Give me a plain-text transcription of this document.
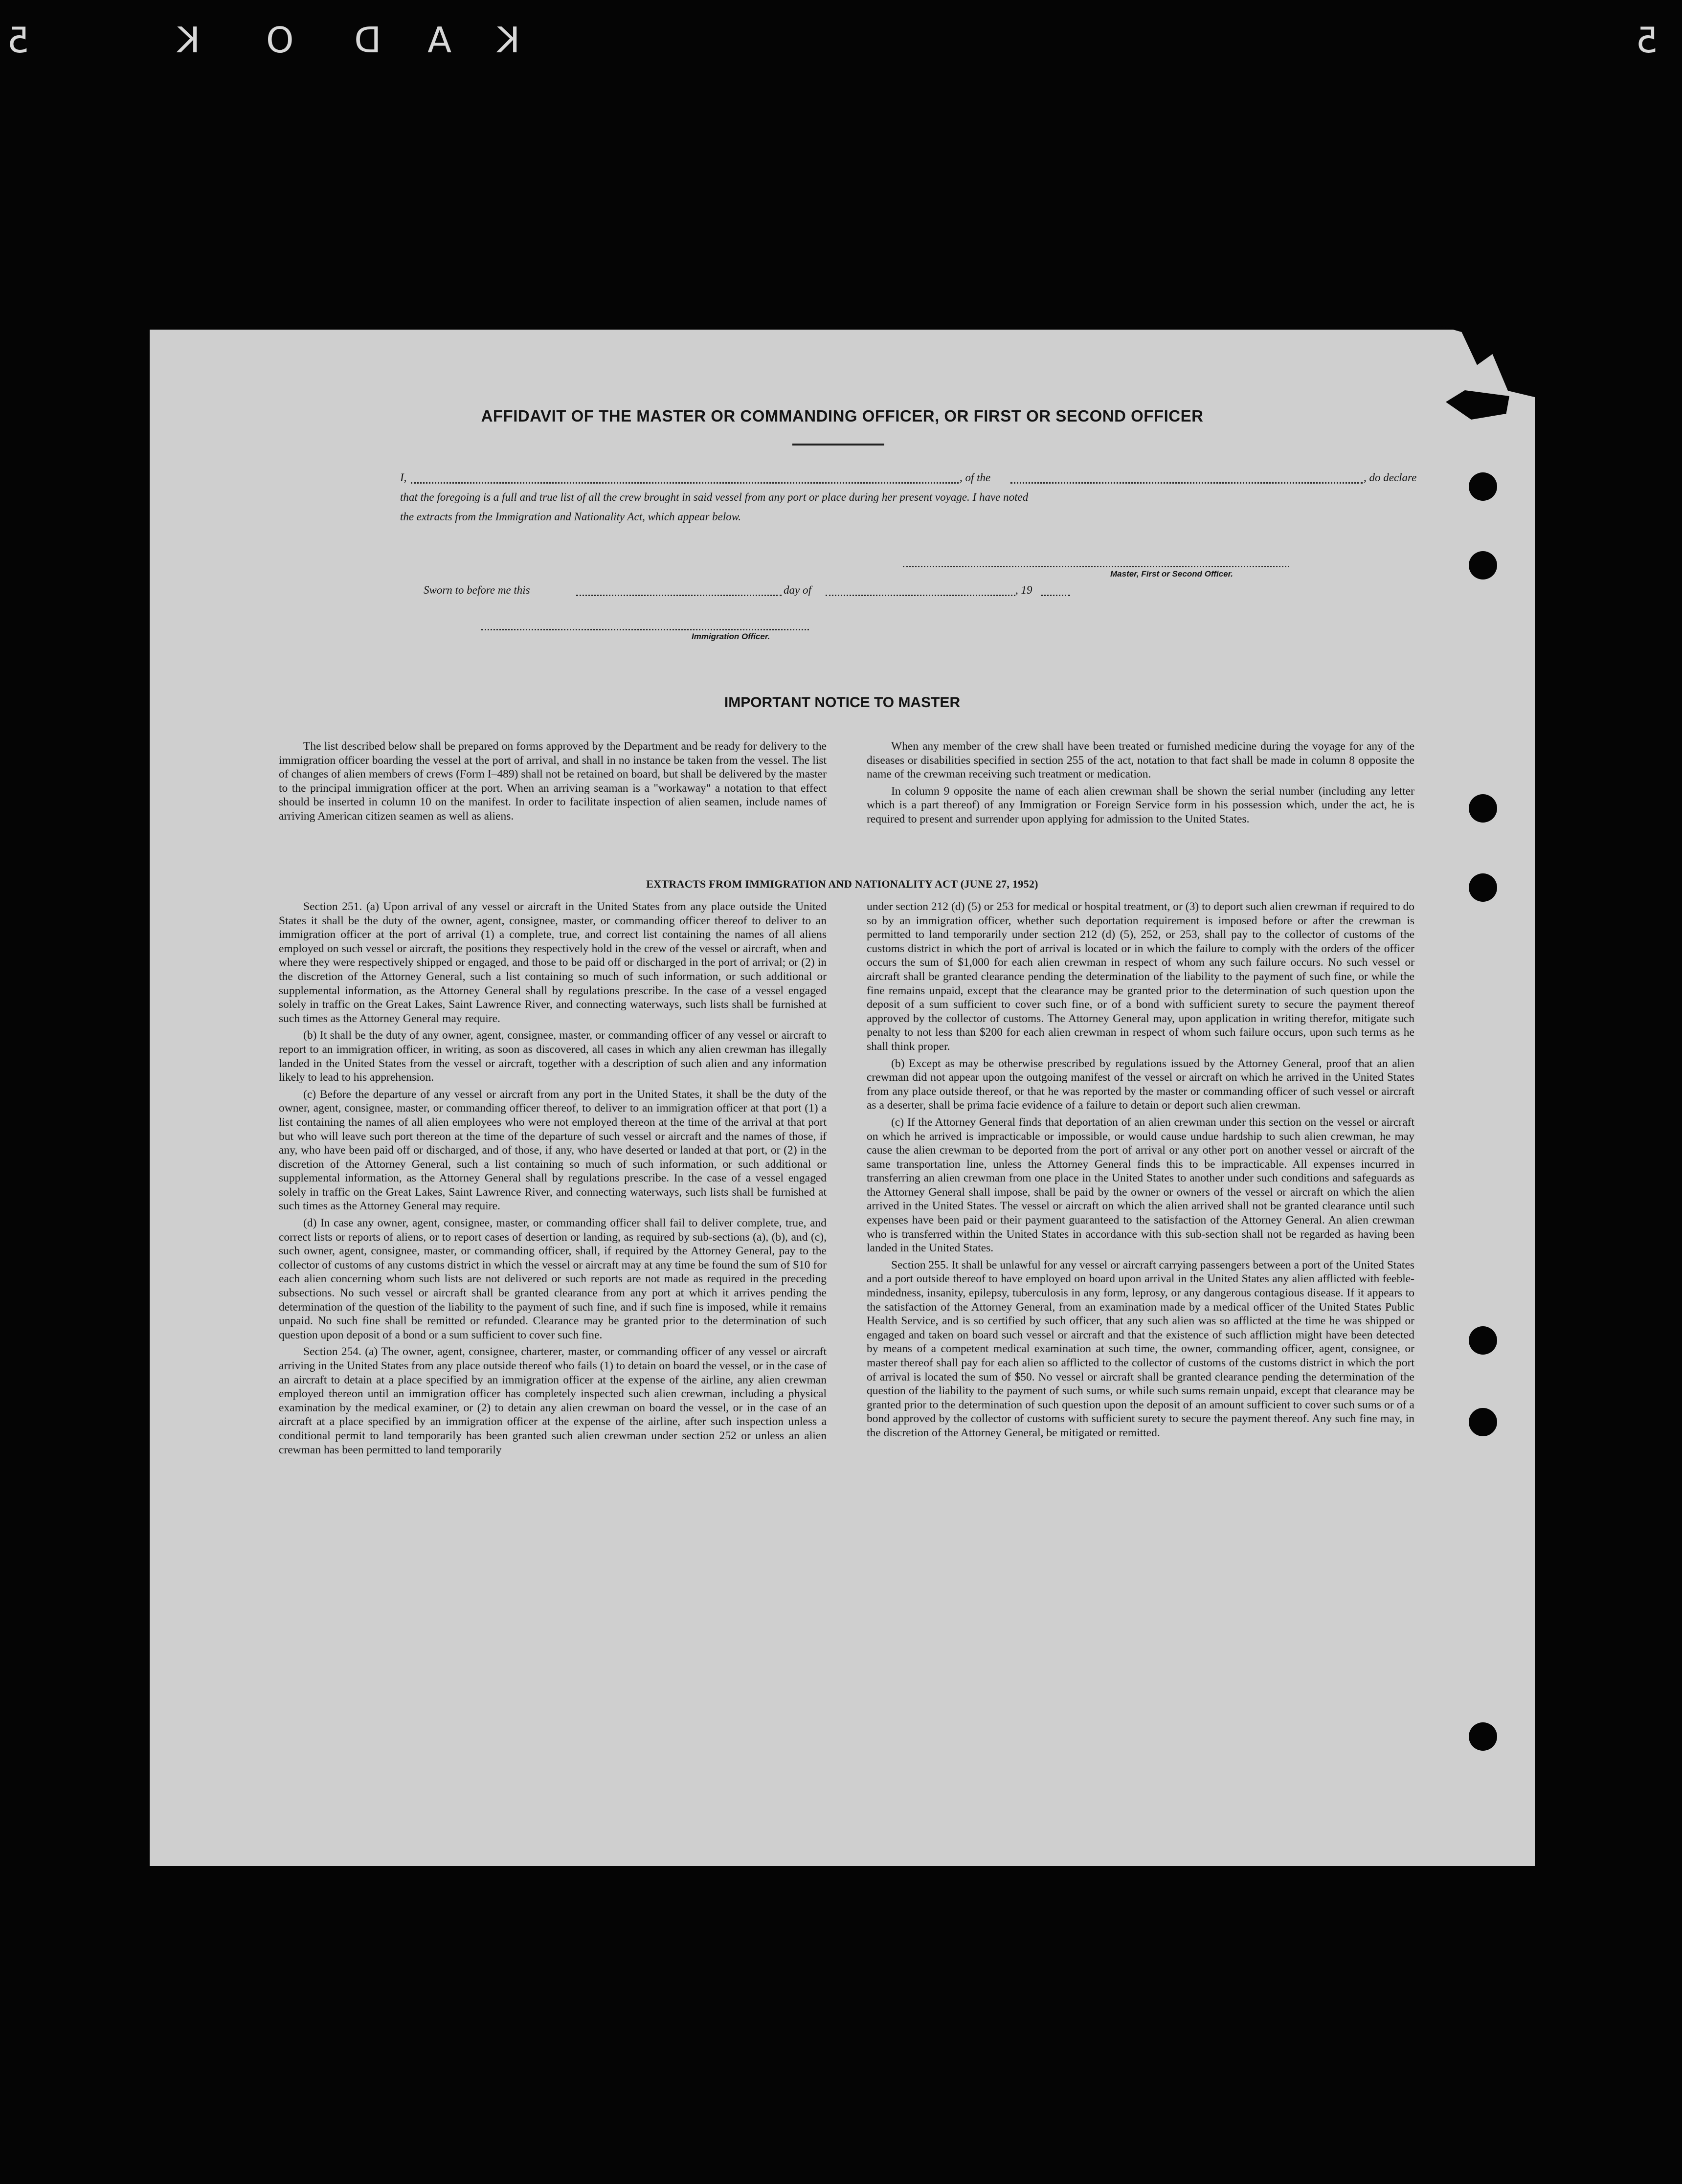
5	K O D A K	5
AFFIDAVIT OF THE MASTER OR COMMANDING OFFICER, OR FIRST OR SECOND OFFICER
I,	, of the	, do declare
that the foregoing is a full and true list of all the crew brought in said vessel from any port or place during her present voyage. I have noted
the extracts from the Immigration and Nationality Act, which appear below.
Master, First or Second Officer.
Sworn to before me this	day of	, 19
Immigration Officer.
IMPORTANT NOTICE TO MASTER

The list described below shall be prepared on forms approved by the Department and be ready for delivery to the immigration officer boarding the vessel at the port of arrival, and shall in no instance be taken from the vessel. The list of changes of alien members of crews (Form I–489) shall not be retained on board, but shall be delivered by the master to the principal immigration officer at the port. When an arriving seaman is a "workaway" a notation to that effect should be inserted in column 10 on the manifest. In order to facilitate inspection of alien seamen, include names of arriving American citizen seamen as well as aliens.

When any member of the crew shall have been treated or furnished medicine during the voyage for any of the diseases or disabilities specified in section 255 of the act, notation to that fact shall be made in column 8 opposite the name of the crewman receiving such treatment or medication.

In column 9 opposite the name of each alien crewman shall be shown the serial number (including any letter which is a part thereof) of any Immigration or Foreign Service form in his possession which, under the act, he is required to present and surrender upon applying for admission to the United States.

EXTRACTS FROM IMMIGRATION AND NATIONALITY ACT (JUNE 27, 1952)

Section 251. (a) Upon arrival of any vessel or aircraft in the United States from any place outside the United States it shall be the duty of the owner, agent, consignee, master, or commanding officer thereof to deliver to an immigration officer at the port of arrival (1) a complete, true, and correct list containing the names of all aliens employed on such vessel or aircraft, the positions they respectively hold in the crew of the vessel or aircraft, when and where they were respectively shipped or engaged, and those to be paid off or discharged in the port of arrival; or (2) in the discretion of the Attorney General, such a list containing so much of such information, or such additional or supplemental information, as the Attorney General shall by regulations prescribe. In the case of a vessel engaged solely in traffic on the Great Lakes, Saint Lawrence River, and connecting waterways, such lists shall be furnished at such times as the Attorney General may require.

(b) It shall be the duty of any owner, agent, consignee, master, or commanding officer of any vessel or aircraft to report to an immigration officer, in writing, as soon as discovered, all cases in which any alien crewman has illegally landed in the United States from the vessel or aircraft, together with a description of such alien and any information likely to lead to his apprehension.

(c) Before the departure of any vessel or aircraft from any port in the United States, it shall be the duty of the owner, agent, consignee, master, or commanding officer thereof, to deliver to an immigration officer at that port (1) a list containing the names of all alien employees who were not employed thereon at the time of the arrival at that port but who will leave such port thereon at the time of the departure of such vessel or aircraft and the names of those, if any, who have been paid off or discharged, and of those, if any, who have deserted or landed at that port, or (2) in the discretion of the Attorney General, such a list containing so much of such information, or such additional or supplemental information, as the Attorney General shall by regulations prescribe. In the case of a vessel engaged solely in traffic on the Great Lakes, Saint Lawrence River, and connecting waterways, such lists shall be furnished at such times as the Attorney General may require.

(d) In case any owner, agent, consignee, master, or commanding officer shall fail to deliver complete, true, and correct lists or reports of aliens, or to report cases of desertion or landing, as required by sub-sections (a), (b), and (c), such owner, agent, consignee, master, or commanding officer, shall, if required by the Attorney General, pay to the collector of customs of any customs district in which the vessel or aircraft may at any time be found the sum of $10 for each alien concerning whom such lists are not delivered or such reports are not made as required in the preceding subsections. No such vessel or aircraft shall be granted clearance from any port at which it arrives pending the determination of the question of the liability to the payment of such fine, and if such fine is imposed, while it remains unpaid. No such fine shall be remitted or refunded. Clearance may be granted prior to the determination of such question upon deposit of a bond or a sum sufficient to cover such fine.

Section 254. (a) The owner, agent, consignee, charterer, master, or commanding officer of any vessel or aircraft arriving in the United States from any place outside thereof who fails (1) to detain on board the vessel, or in the case of an aircraft to detain at a place specified by an immigration officer at the expense of the airline, any alien crewman employed thereon until an immigration officer has completely inspected such alien crewman, including a physical examination by the medical examiner, or (2) to detain any alien crewman on board the vessel, or in the case of an aircraft at a place specified by an immigration officer at the expense of the airline, after such inspection unless a conditional permit to land temporarily has been granted such alien crewman under section 252 or unless an alien crewman has been permitted to land temporarily

under section 212 (d) (5) or 253 for medical or hospital treatment, or (3) to deport such alien crewman if required to do so by an immigration officer, whether such deportation requirement is imposed before or after the crewman is permitted to land temporarily under section 212 (d) (5), 252, or 253, shall pay to the collector of customs of the customs district in which the port of arrival is located or in which the failure to comply with the orders of the officer occurs the sum of $1,000 for each alien crewman in respect of whom any such failure occurs. No such vessel or aircraft shall be granted clearance pending the determination of the liability to the payment of such fine, or while the fine remains unpaid, except that the clearance may be granted prior to the determination of such question upon the deposit of a sum sufficient to cover such fine, or of a bond with sufficient surety to secure the payment thereof approved by the collector of customs. The Attorney General may, upon application in writing therefor, mitigate such penalty to not less than $200 for each alien crewman in respect of whom such failure occurs, upon such terms as he shall think proper.

(b) Except as may be otherwise prescribed by regulations issued by the Attorney General, proof that an alien crewman did not appear upon the outgoing manifest of the vessel or aircraft on which he arrived in the United States from any place outside thereof, or that he was reported by the master or commanding officer of such vessel or aircraft as a deserter, shall be prima facie evidence of a failure to detain or deport such alien crewman.

(c) If the Attorney General finds that deportation of an alien crewman under this section on the vessel or aircraft on which he arrived is impracticable or impossible, or would cause undue hardship to such alien crewman, he may cause the alien crewman to be deported from the port of arrival or any other port on another vessel or aircraft of the same transportation line, unless the Attorney General finds this to be impracticable. All expenses incurred in transferring an alien crewman from one place in the United States to another under such conditions and safeguards as the Attorney General shall impose, shall be paid by the owner or owners of the vessel or aircraft on which the alien arrived in the United States. The vessel or aircraft on which the alien arrived shall not be granted clearance until such expenses have been paid or their payment guaranteed to the satisfaction of the Attorney General. An alien crewman who is transferred within the United States in accordance with this sub-section shall not be regarded as having been landed in the United States.

Section 255. It shall be unlawful for any vessel or aircraft carrying passengers between a port of the United States and a port outside thereof to have employed on board upon arrival in the United States any alien afflicted with feeble-mindedness, insanity, epilepsy, tuberculosis in any form, leprosy, or any dangerous contagious disease. If it appears to the satisfaction of the Attorney General, from an examination made by a medical officer of the United States Public Health Service, and is so certified by such officer, that any such alien was so afflicted at the time he was shipped or engaged and taken on board such vessel or aircraft and that the existence of such affliction might have been detected by means of a competent medical examination at such time, the owner, commanding officer, agent, consignee, or master thereof shall pay for each alien so afflicted to the collector of customs of the customs district in which the port of arrival is located the sum of $50. No vessel or aircraft shall be granted clearance pending the determination of the question of the liability to the payment of such sums, or while such sums remain unpaid, except that clearance may be granted prior to the determination of such question upon the deposit of an amount sufficient to cover such sums or of a bond approved by the collector of customs with sufficient surety to secure the payment thereof. Any such fine may, in the discretion of the Attorney General, be mitigated or remitted.
